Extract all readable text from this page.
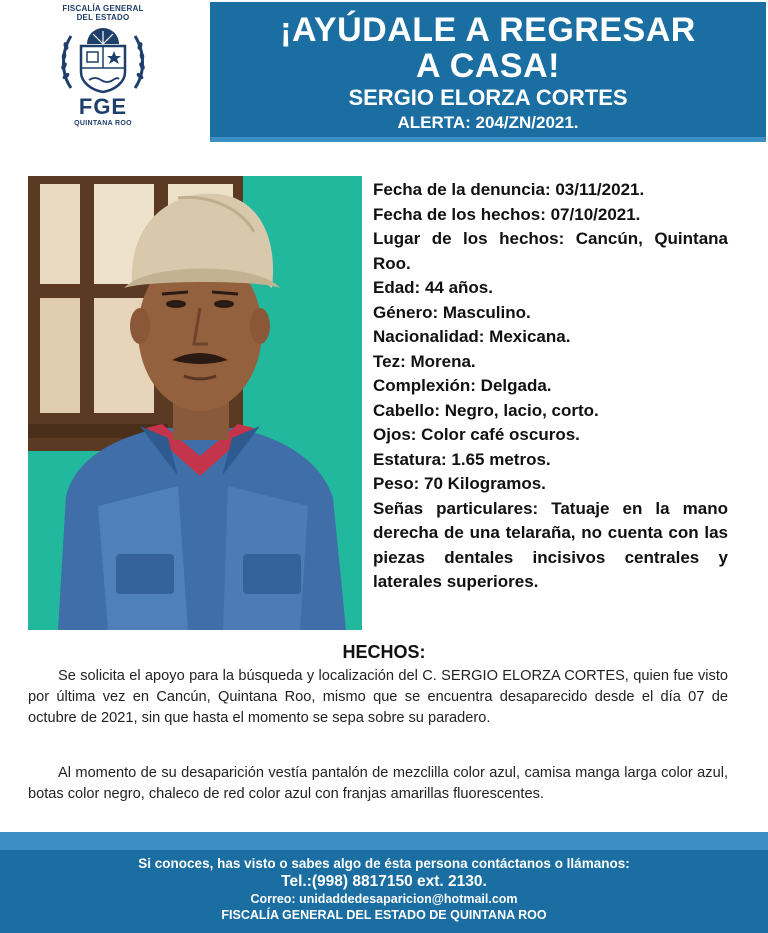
FISCALÍA GENERAL
DEL ESTADO
FGE
QUINTANA ROO
¡AYÚDALE A REGRESAR
A CASA!
SERGIO ELORZA CORTES
ALERTA: 204/ZN/2021.
Fecha de la denuncia: 03/11/2021.
Fecha de los hechos: 07/10/2021.
Lugar de los hechos: Cancún, Quintana Roo.
Edad: 44 años.
Género: Masculino.
Nacionalidad: Mexicana.
Tez: Morena.
Complexión: Delgada.
Cabello: Negro, lacio, corto.
Ojos: Color café oscuros.
Estatura: 1.65 metros.
Peso: 70 Kilogramos.
Señas particulares: Tatuaje en la mano derecha de una telaraña, no cuenta con las piezas dentales incisivos centrales y laterales superiores.
HECHOS:
Se solicita el apoyo para la búsqueda y localización del C. SERGIO ELORZA CORTES, quien fue visto por última vez en Cancún, Quintana Roo, mismo que se encuentra desaparecido desde el día 07 de octubre de 2021, sin que hasta el momento se sepa sobre su paradero.
Al momento de su desaparición vestía pantalón de mezclilla color azul, camisa manga larga color azul, botas color negro, chaleco de red color azul con franjas amarillas fluorescentes.
Si conoces, has visto o sabes algo de ésta persona contáctanos o llámanos:
Tel.:(998) 8817150 ext. 2130.
Correo: unidaddedesaparicion@hotmail.com
FISCALÍA GENERAL DEL ESTADO DE QUINTANA ROO
